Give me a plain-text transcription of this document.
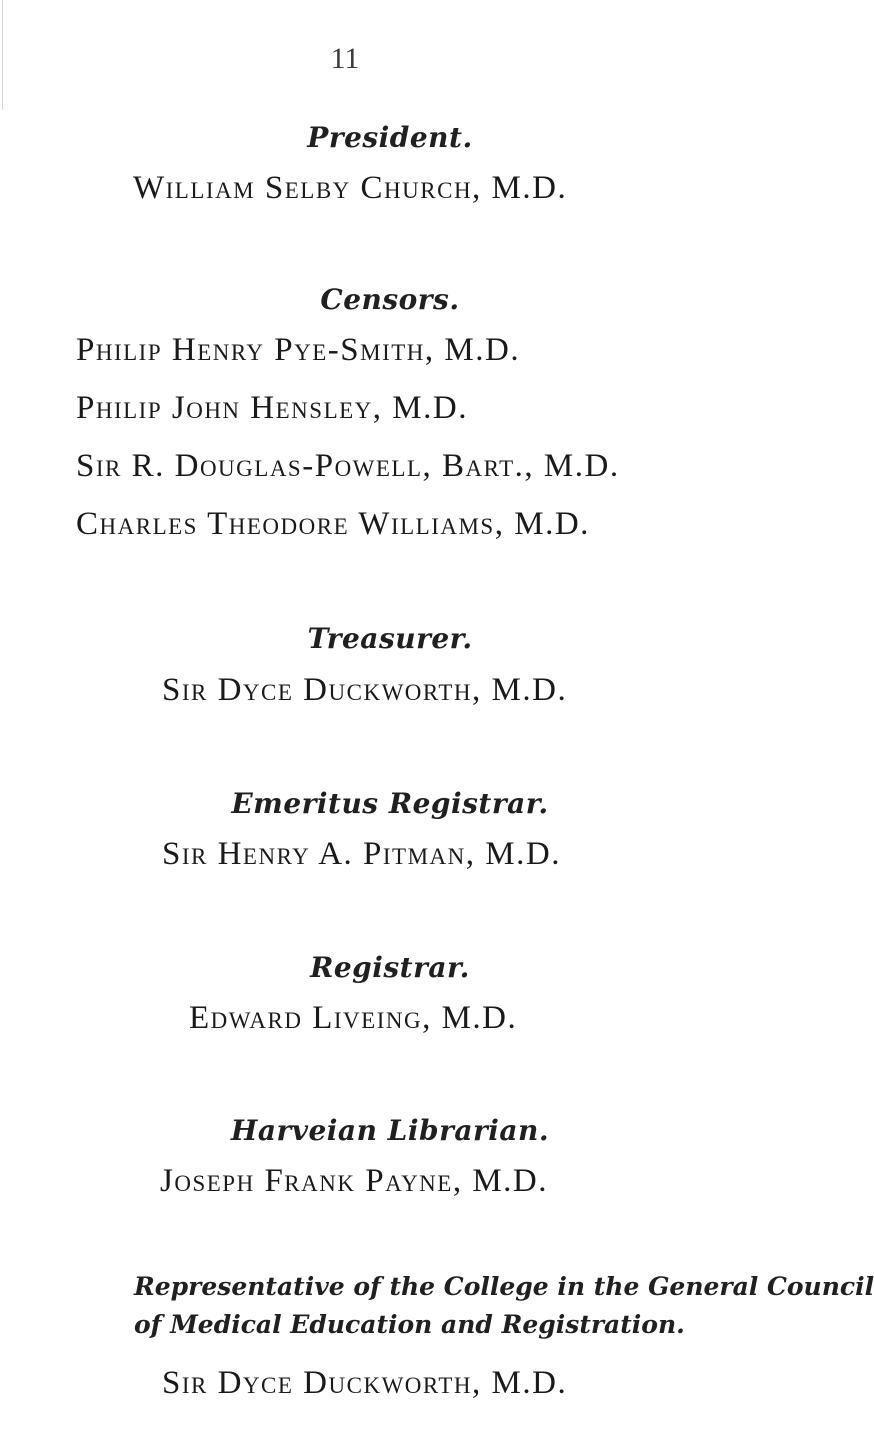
11
President.
William Selby Church, M.D.
Censors.
Philip Henry Pye-Smith, M.D.
Philip John Hensley, M.D.
Sir R. Douglas-Powell, Bart., M.D.
Charles Theodore Williams, M.D.
Treasurer.
Sir Dyce Duckworth, M.D.
Emeritus Registrar.
Sir Henry A. Pitman, M.D.
Registrar.
Edward Liveing, M.D.
Harveian Librarian.
Joseph Frank Payne, M.D.
Representative of the College in the General Council
of Medical Education and Registration.
Sir Dyce Duckworth, M.D.
